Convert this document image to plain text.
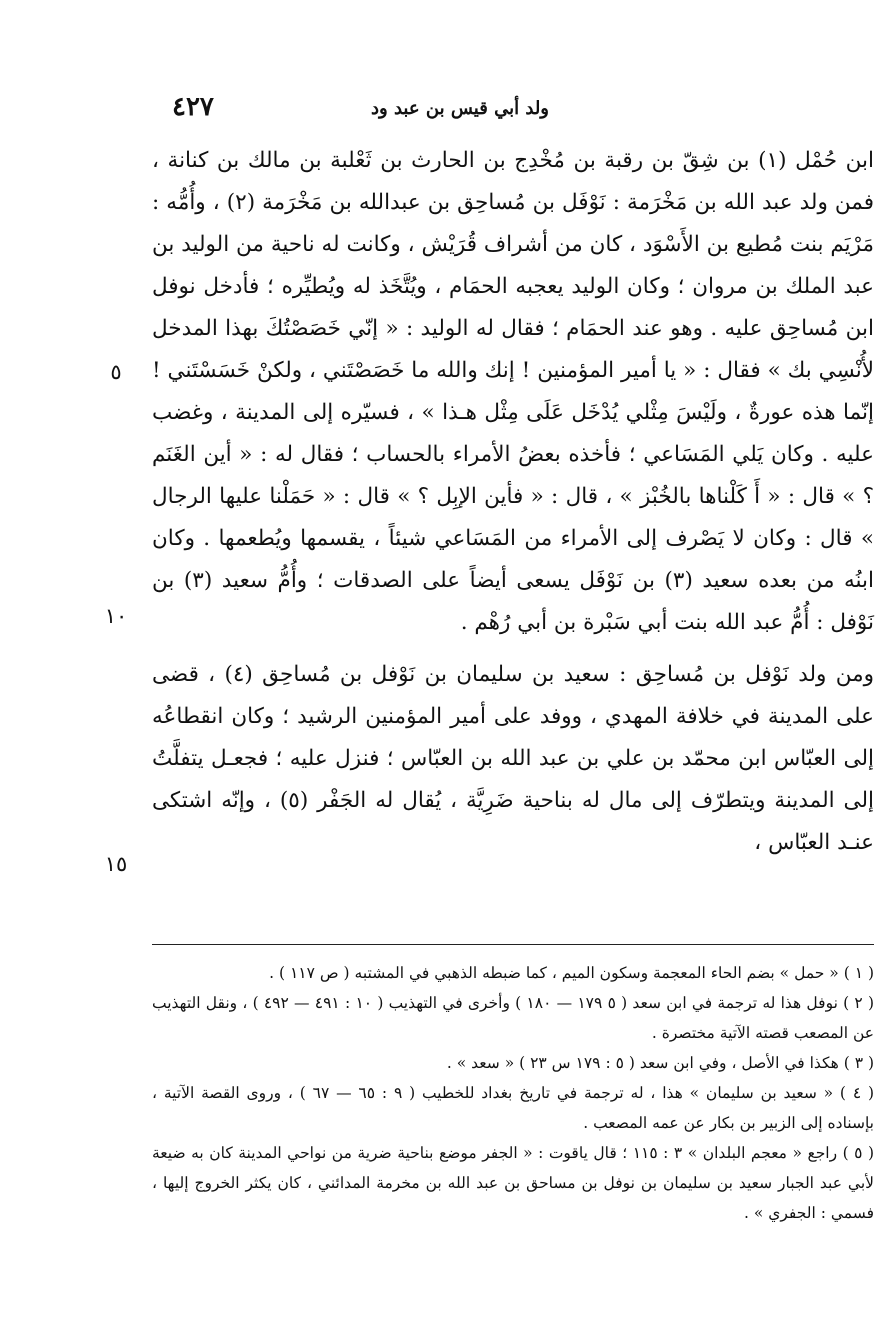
ولد أبي قيس بن عبد ود
٤٢٧
٥
١٠
١٥

ابن حُمْل (١) بن شِقّ بن رقبة بن مُخْدِج بن الحارث بن ثَعْلبة بن مالك بن كنانة ، فمن ولد عبد الله بن مَخْرَمة : نَوْفَل بن مُساحِق بن عبدالله بن مَخْرَمة (٢) ، وأُمُّه : مَرْيَم بنت مُطيع بن الأَسْوَد ، كان من أشراف قُرَيْش ، وكانت له ناحية من الوليد بن عبد الملك بن مروان ؛ وكان الوليد يعجبه الحمَام ، ويُتَّخَذ له ويُطيِّره ؛ فأدخل نوفل ابن مُساحِق عليه . وهو عند الحمَام ؛ فقال له الوليد : « إنّي خَصَصْتُكَ بهذا المدخل لأُنْسِي بك » فقال : « يا أمير المؤمنين ! إنك والله ما خَصَصْتَني ، ولكنْ خَسَسْتَني ! إنّما هذه عورةٌ ، ولَيْسَ مِثْلي يُدْخَل عَلَى مِثْل هـذا » ، فسيّره إلى المدينة ، وغضب عليه . وكان يَلي المَسَاعي ؛ فأخذه بعضُ الأمراء بالحساب ؛ فقال له : « أين الغَنَم ؟ » قال : « أَ كَلْناها بالخُبْز » ، قال : « فأين الإبِل ؟ » قال : « حَمَلْنا عليها الرجال » قال : وكان لا يَصْرف إلى الأمراء من المَسَاعي شيئاً ، يقسمها ويُطعمها . وكان ابنُه من بعده سعيد (٣) بن نَوْفَل يسعى أيضاً على الصدقات ؛ وأُمُّ سعيد (٣) بن نَوْفل : أُمُّ عبد الله بنت أبي سَبْرة بن أبي رُهْم .

ومن ولد نَوْفل بن مُساحِق : سعيد بن سليمان بن نَوْفل بن مُساحِق (٤) ، قضى على المدينة في خلافة المهدي ، ووفد على أمير المؤمنين الرشيد ؛ وكان انقطاعُه إلى العبّاس ابن محمّد بن علي بن عبد الله بن العبّاس ؛ فنزل عليه ؛ فجعـل يتفلَّتُ إلى المدينة ويتطرّف إلى مال له بناحية ضَرِيَّة ، يُقال له الجَفْر (٥) ، وإنّه اشتكى عنـد العبّاس ،

( ١ ) « حمل » بضم الحاء المعجمة وسكون الميم ، كما ضبطه الذهبي في المشتبه ( ص ١١٧ ) .

( ٢ ) نوفل هذا له ترجمة في ابن سعد ( ٥ ١٧٩ — ١٨٠ ) وأخرى في التهذيب ( ١٠ : ٤٩١ — ٤٩٢ ) ، ونقل التهذيب عن المصعب قصته الآتية مختصرة .

( ٣ ) هكذا في الأصل ، وفي ابن سعد ( ٥ : ١٧٩ س ٢٣ ) « سعد » .

( ٤ ) « سعيد بن سليمان » هذا ، له ترجمة في تاريخ بغداد للخطيب ( ٩ : ٦٥ — ٦٧ ) ، وروى القصة الآتية ، بإسناده إلى الزبير بن بكار عن عمه المصعب .

( ٥ ) راجع « معجم البلدان » ٣ : ١١٥ ؛ قال ياقوت : « الجفر موضع بناحية ضرية من نواحي المدينة كان به ضيعة لأبي عبد الجبار سعيد بن سليمان بن نوفل بن مساحق بن عبد الله بن مخرمة المدائني ، كان يكثر الخروج إليها ، فسمي : الجفري » .
